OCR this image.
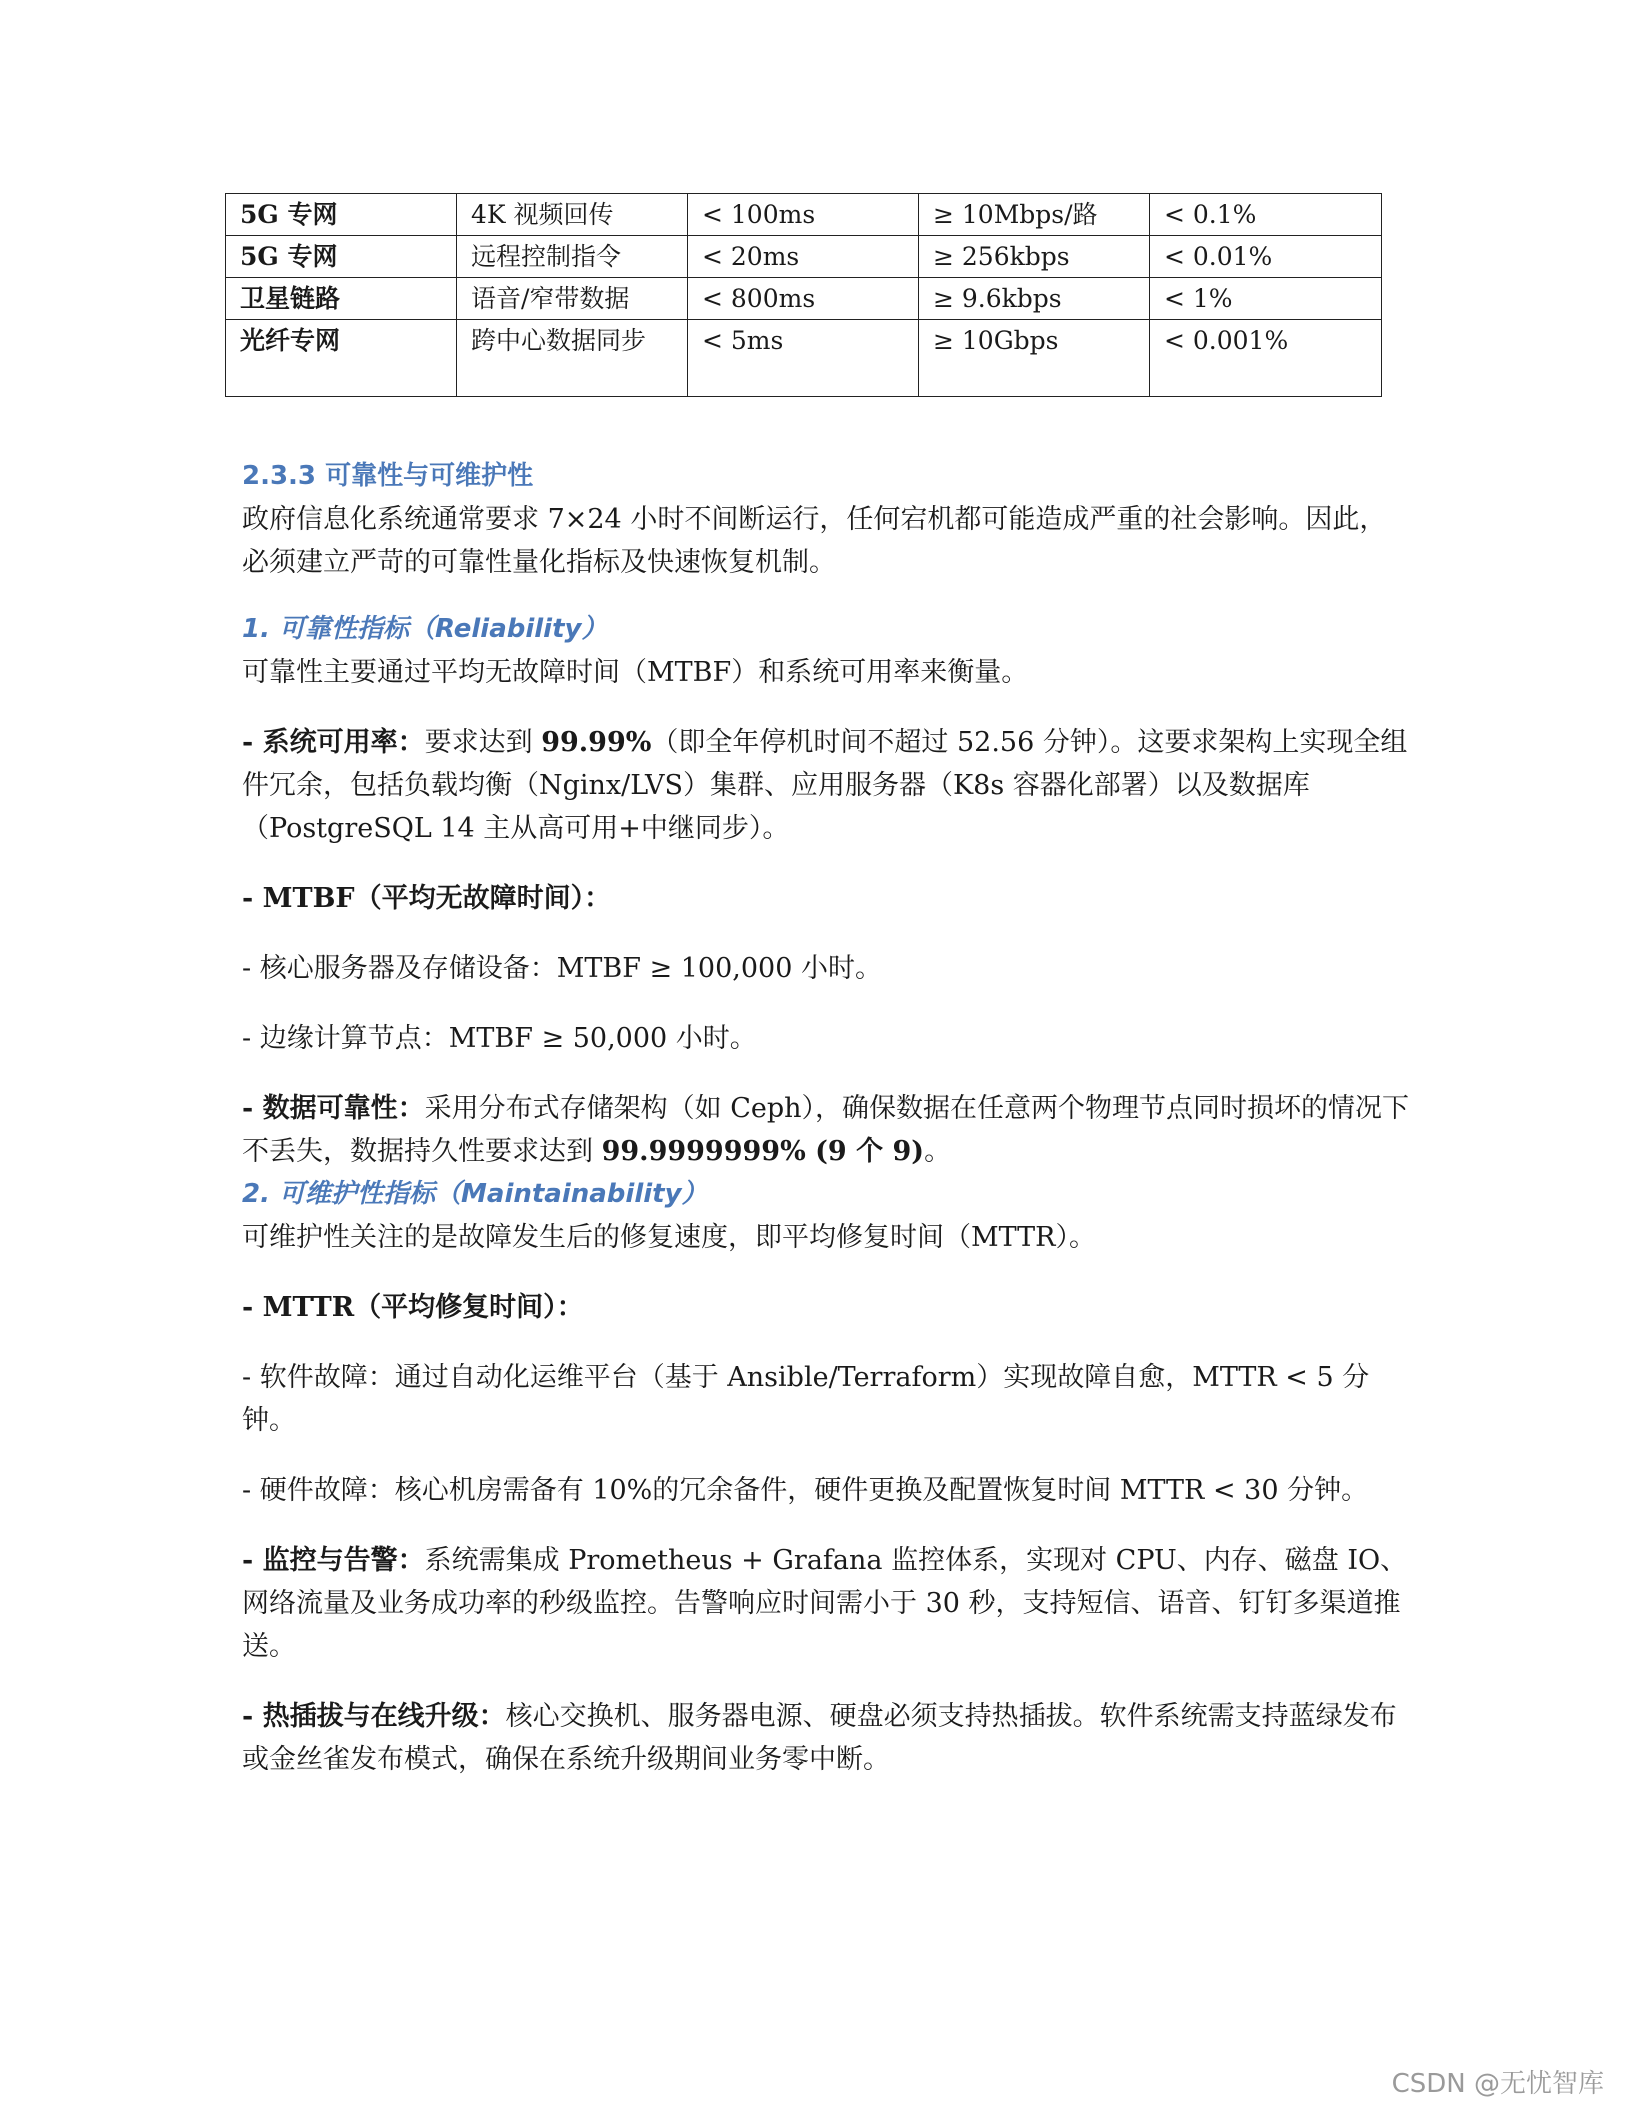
5G 专网	4K 视频回传	< 100ms	≥ 10Mbps/路	< 0.1%
5G 专网	远程控制指令	< 20ms	≥ 256kbps	< 0.01%
卫星链路	语音/窄带数据	< 800ms	≥ 9.6kbps	< 1%
光纤专网	跨中心数据同步	< 5ms	≥ 10Gbps	< 0.001%

2.3.3 可靠性与可维护性

政府信息化系统通常要求 7×24 小时不间断运行，任何宕机都可能造成严重的社会影响。因此，必须建立严苛的可靠性量化指标及快速恢复机制。

1. 可靠性指标（Reliability）

可靠性主要通过平均无故障时间（MTBF）和系统可用率来衡量。

- 系统可用率：要求达到 99.99%（即全年停机时间不超过 52.56 分钟）。这要求架构上实现全组件冗余，包括负载均衡（Nginx/LVS）集群、应用服务器（K8s 容器化部署）以及数据库（PostgreSQL 14 主从高可用+中继同步）。

- MTBF（平均无故障时间）：

- 核心服务器及存储设备：MTBF ≥ 100,000 小时。

- 边缘计算节点：MTBF ≥ 50,000 小时。

- 数据可靠性：采用分布式存储架构（如 Ceph），确保数据在任意两个物理节点同时损坏的情况下不丢失，数据持久性要求达到 99.9999999% (9 个 9)。

2. 可维护性指标（Maintainability）

可维护性关注的是故障发生后的修复速度，即平均修复时间（MTTR）。

- MTTR（平均修复时间）：

- 软件故障：通过自动化运维平台（基于 Ansible/Terraform）实现故障自愈，MTTR < 5 分钟。

- 硬件故障：核心机房需备有 10%的冗余备件，硬件更换及配置恢复时间 MTTR < 30 分钟。

- 监控与告警：系统需集成 Prometheus + Grafana 监控体系，实现对 CPU、内存、磁盘 IO、网络流量及业务成功率的秒级监控。告警响应时间需小于 30 秒，支持短信、语音、钉钉多渠道推送。

- 热插拔与在线升级：核心交换机、服务器电源、硬盘必须支持热插拔。软件系统需支持蓝绿发布或金丝雀发布模式，确保在系统升级期间业务零中断。

CSDN @无忧智库
